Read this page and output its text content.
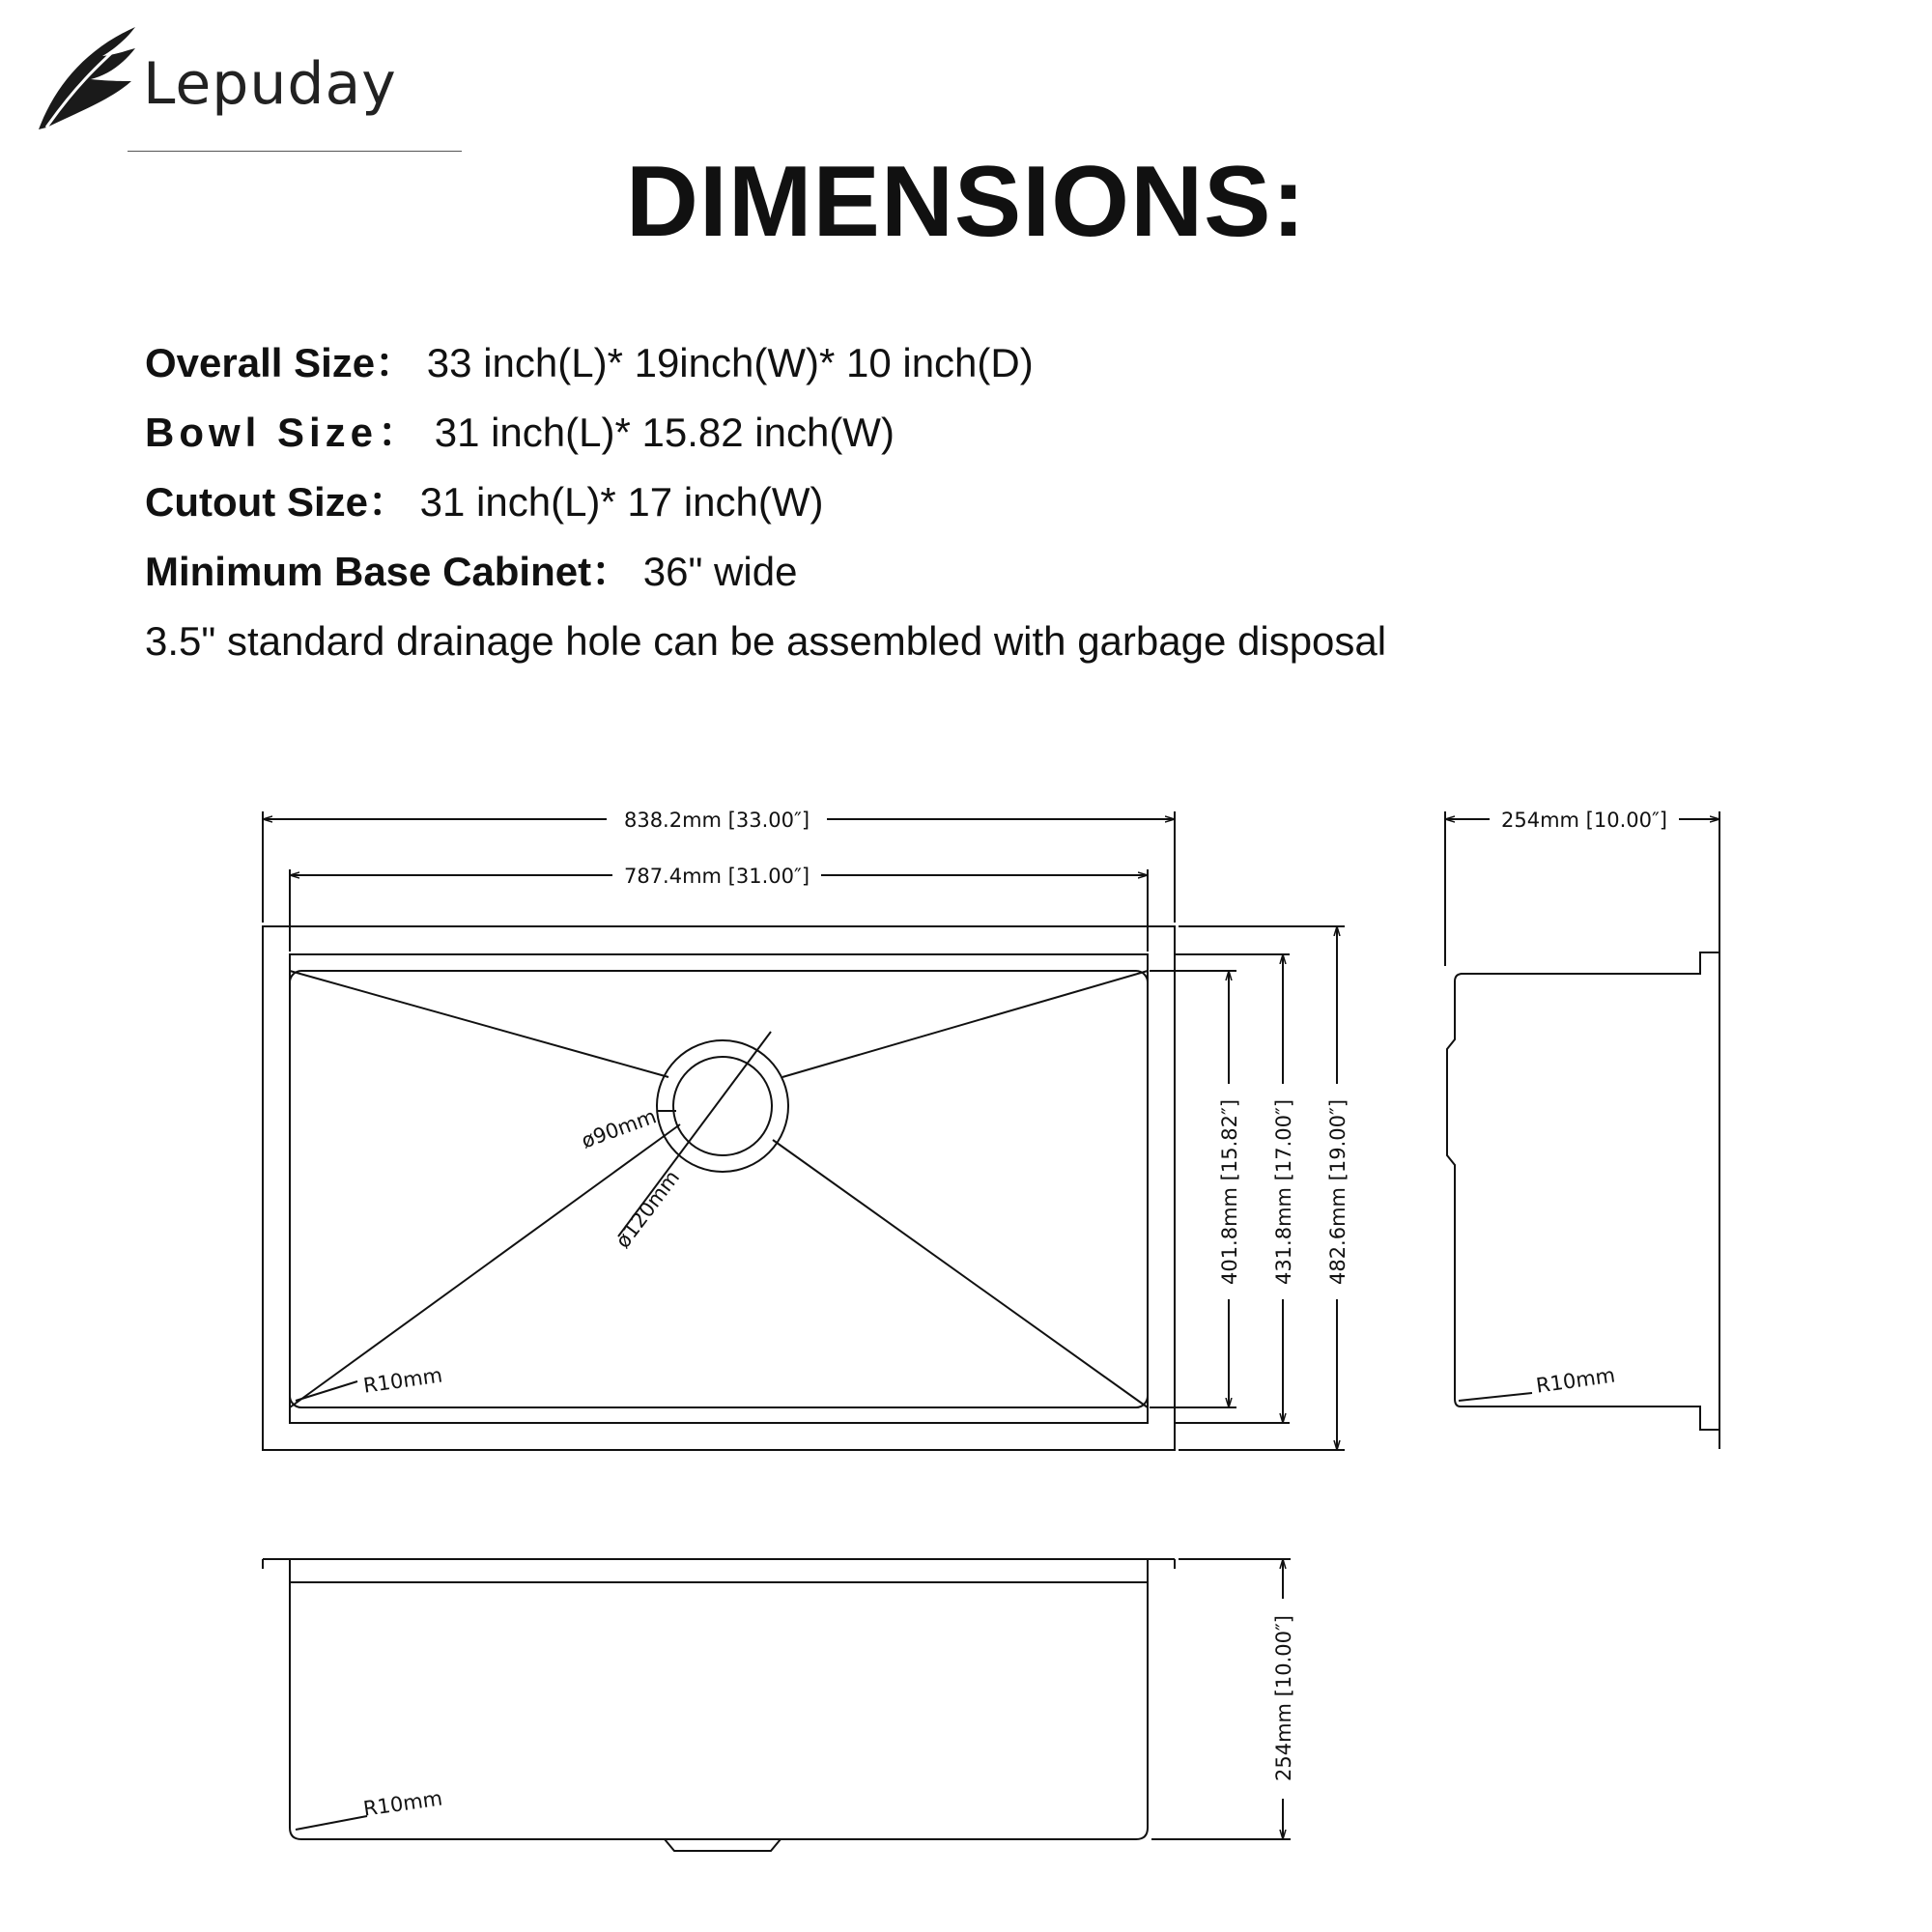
Lepuday
DIMENSIONS:
Overall Size： 33 inch(L)* 19inch(W)* 10 inch(D)
Bowl Size： 31 inch(L)* 15.82 inch(W)
Cutout Size： 31 inch(L)* 17 inch(W)
Minimum Base Cabinet： 36" wide
3.5" standard drainage hole can be assembled with garbage disposal
838.2mm [33.00″]
787.4mm [31.00″]
401.8mm [15.82″] 431.8mm [17.00″] 482.6mm [19.00″]
ø90mm
ø120mm
R10mm
254mm [10.00″]
R10mm
254mm [10.00″]
R10mm
